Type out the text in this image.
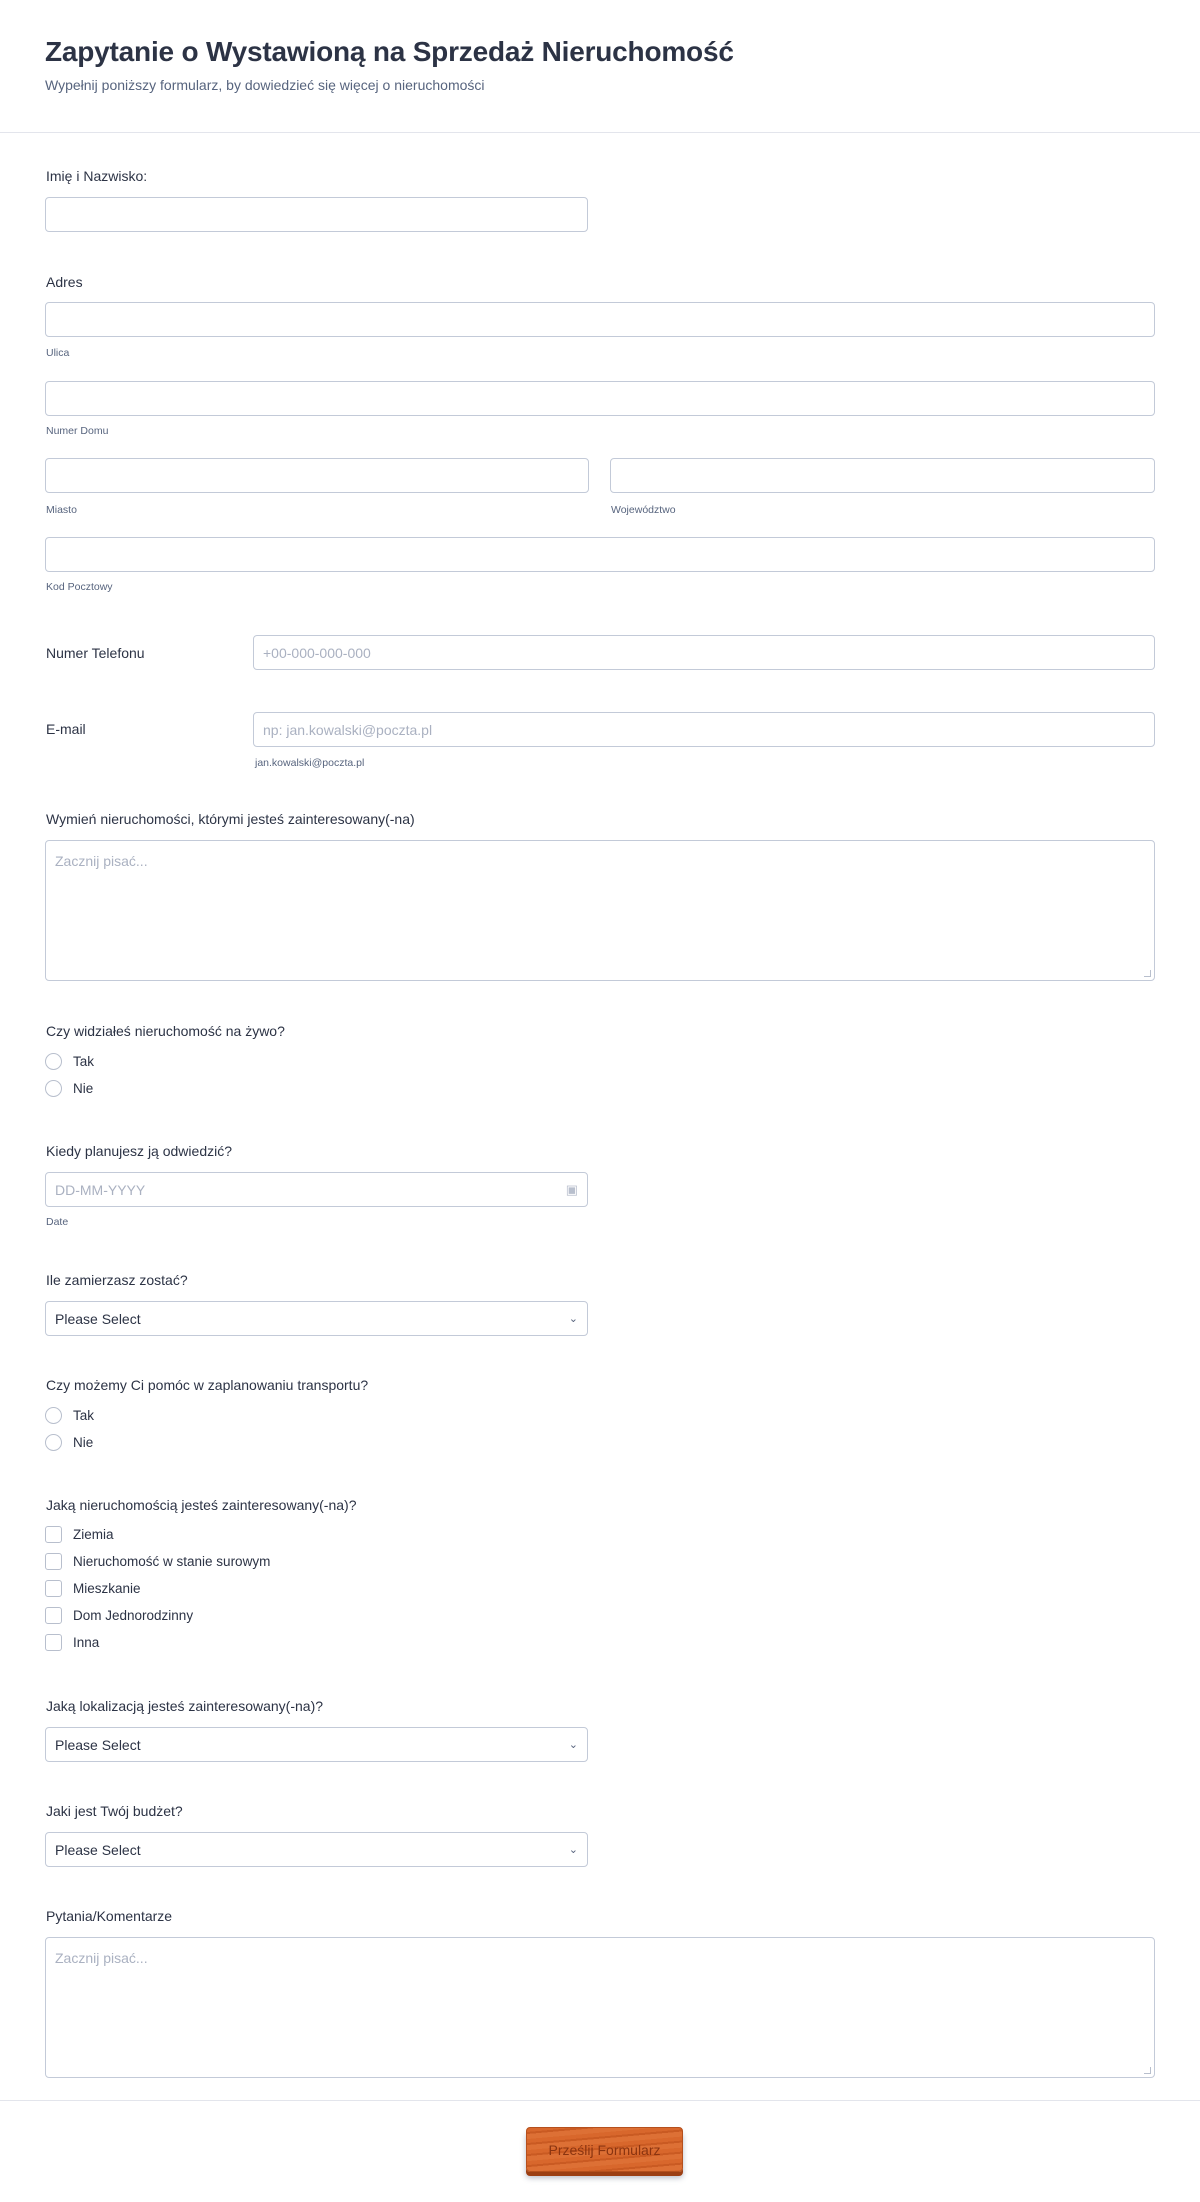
Zapytanie o Wystawioną na Sprzedaż Nieruchomość
Wypełnij poniższy formularz, by dowiedzieć się więcej o nieruchomości
Imię i Nazwisko:
Adres
Ulica
Numer Domu
Miasto	Województwo
Kod Pocztowy
Numer Telefonu	+00-000-000-000
E-mail	np: jan.kowalski@poczta.pl
jan.kowalski@poczta.pl
Wymień nieruchomości, którymi jesteś zainteresowany(-na)
Zacznij pisać...
Czy widziałeś nieruchomość na żywo?
Tak
Nie
Kiedy planujesz ją odwiedzić?
DD-MM-YYYY	▣
Date
Ile zamierzasz zostać?
Please Select	⌄
Czy możemy Ci pomóc w zaplanowaniu transportu?
Tak
Nie
Jaką nieruchomością jesteś zainteresowany(-na)?
Ziemia
Nieruchomość w stanie surowym
Mieszkanie
Dom Jednorodzinny
Inna
Jaką lokalizacją jesteś zainteresowany(-na)?
Please Select	⌄
Jaki jest Twój budżet?
Please Select	⌄
Pytania/Komentarze
Zacznij pisać...
Prześlij Formularz
